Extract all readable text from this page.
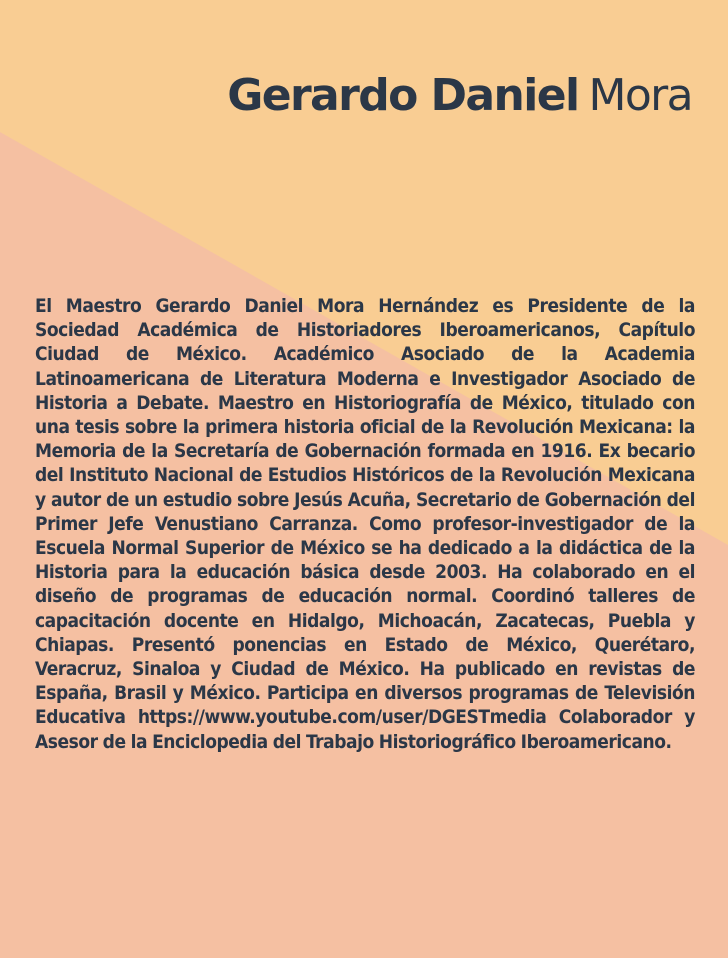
Gerardo Daniel Mora

El Maestro Gerardo Daniel Mora Hernández es Presidente de la Sociedad Académica de Historiadores Iberoamericanos, Capítulo Ciudad de México. Académico Asociado de la Academia Latinoamericana de Literatura Moderna e Investigador Asociado de Historia a Debate. Maestro en Historiografía de México, titulado con una tesis sobre la primera historia oficial de la Revolución Mexicana: la Memoria de la Secretaría de Gobernación formada en 1916. Ex becario del Instituto Nacional de Estudios Históricos de la Revolución Mexicana y autor de un estudio sobre Jesús Acuña, Secretario de Gobernación del Primer Jefe Venustiano Carranza. Como profesor-investigador de la Escuela Normal Superior de México se ha dedicado a la didáctica de la Historia para la educación básica desde 2003. Ha colaborado en el diseño de programas de educación normal. Coordinó talleres de capacitación docente en Hidalgo, Michoacán, Zacatecas, Puebla y Chiapas. Presentó ponencias en Estado de México, Querétaro, Veracruz, Sinaloa y Ciudad de México. Ha publicado en revistas de España, Brasil y México. Participa en diversos programas de Televisión Educativa https://www.youtube.com/user/DGESTmedia Colaborador y Asesor de la Enciclopedia del Trabajo Historiográfico Iberoamericano.
